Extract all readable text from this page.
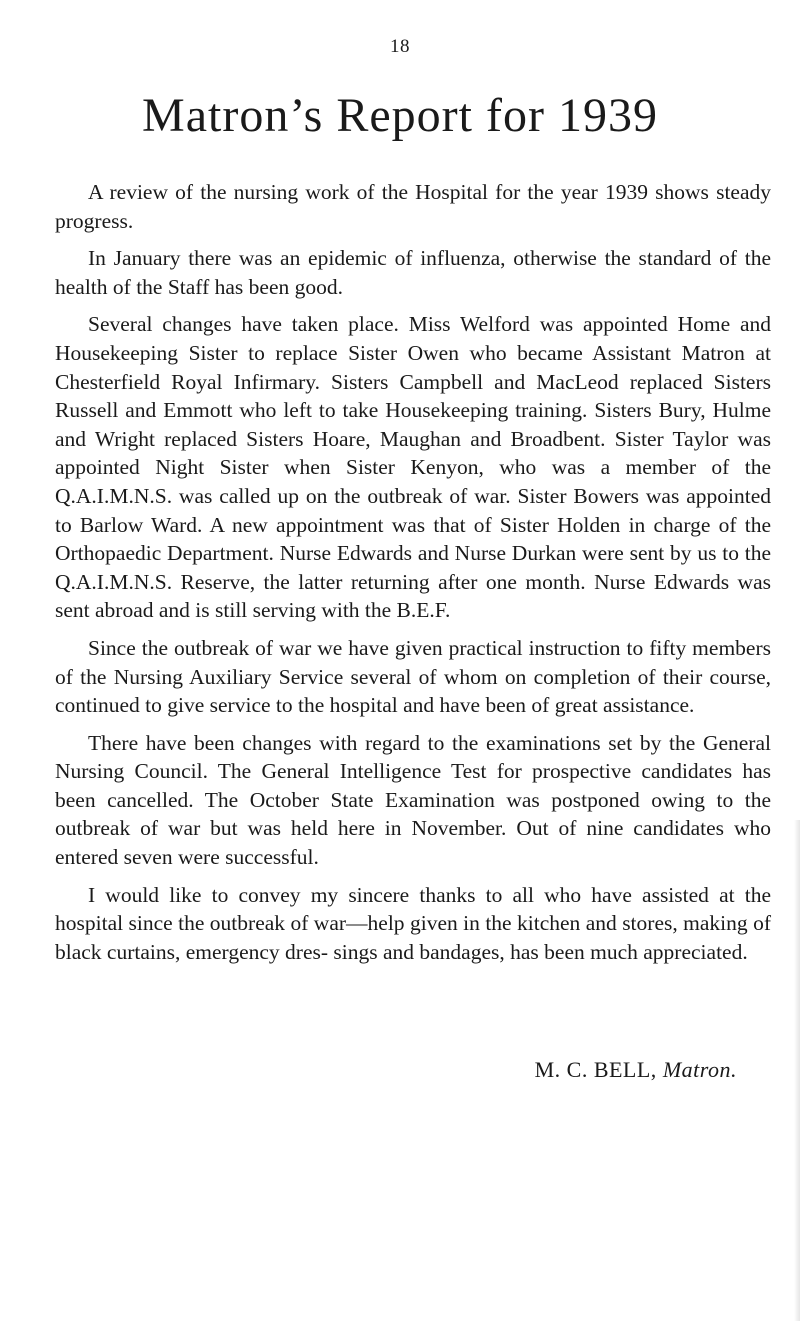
18
Matron’s Report for 1939

A review of the nursing work of the Hospital for the year 1939 shows steady progress.

In January there was an epidemic of influenza, otherwise the standard of the health of the Staff has been good.

Several changes have taken place. Miss Welford was appointed Home and Housekeeping Sister to replace Sister Owen who became Assistant Matron at Chesterfield Royal Infirmary. Sisters Campbell and MacLeod replaced Sisters Russell and Emmott who left to take Housekeeping training. Sisters Bury, Hulme and Wright replaced Sisters Hoare, Maughan and Broadbent. Sister Taylor was appointed Night Sister when Sister Kenyon, who was a member of the Q.A.I.M.N.S. was called up on the outbreak of war. Sister Bowers was appointed to Barlow Ward. A new appointment was that of Sister Holden in charge of the Orthopaedic Department. Nurse Edwards and Nurse Durkan were sent by us to the Q.A.I.M.N.S. Reserve, the latter returning after one month. Nurse Edwards was sent abroad and is still serving with the B.E.F.

Since the outbreak of war we have given practical instruction to fifty members of the Nursing Auxiliary Service several of whom on completion of their course, continued to give service to the hospital and have been of great assistance.

There have been changes with regard to the examinations set by the General Nursing Council. The General Intelligence Test for prospective candidates has been cancelled. The October State Examination was postponed owing to the outbreak of war but was held here in November. Out of nine candidates who entered seven were successful.

I would like to convey my sincere thanks to all who have assisted at the hospital since the outbreak of war—help given in the kitchen and stores, making of black curtains, emergency dres- sings and bandages, has been much appreciated.

M. C. BELL, Matron.
